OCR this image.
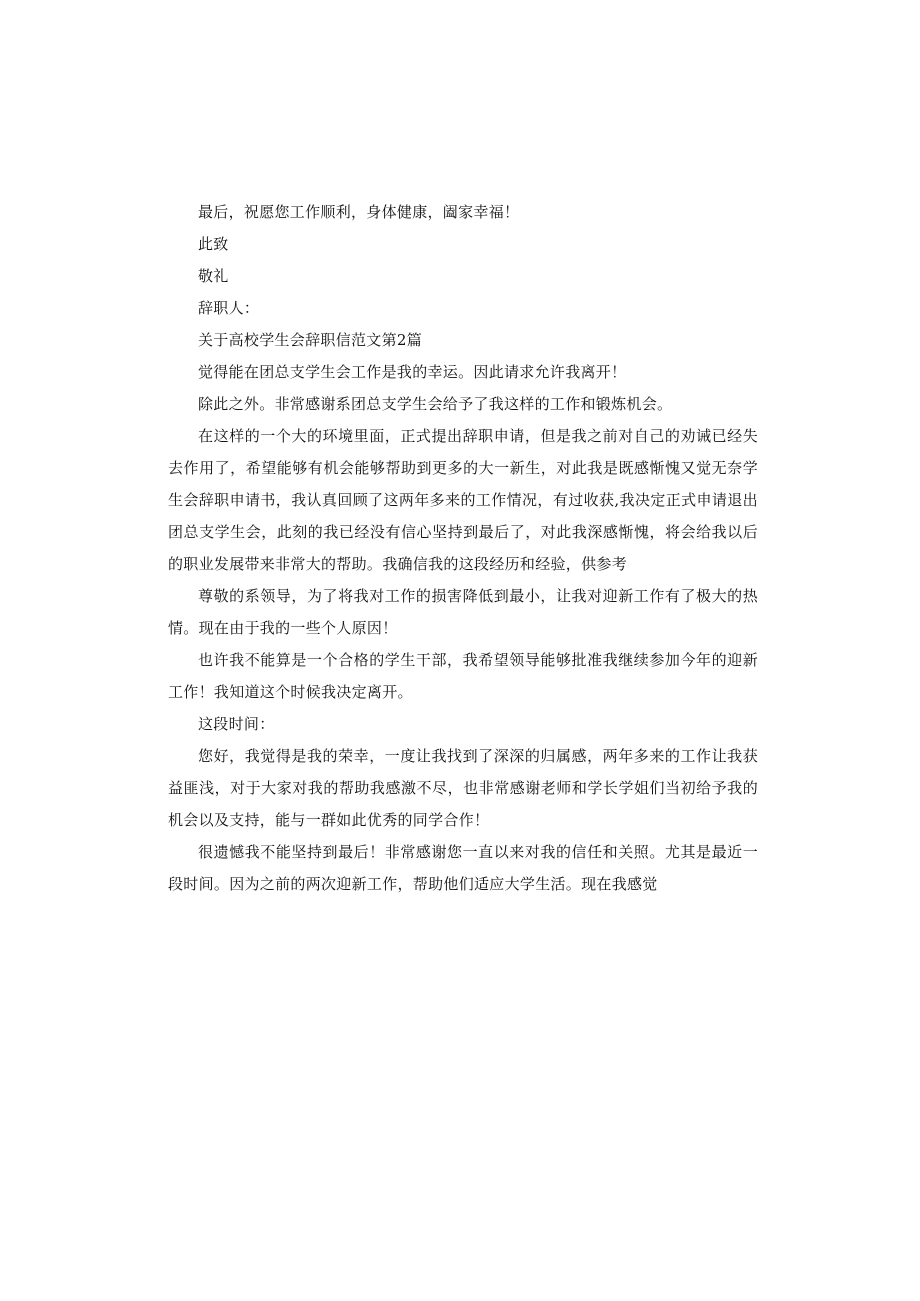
最后，祝愿您工作顺利，身体健康，阖家幸福！
此致
敬礼
辞职人：
关于高校学生会辞职信范文第2篇

觉得能在团总支学生会工作是我的幸运。因此请求允许我离开！

除此之外。非常感谢系团总支学生会给予了我这样的工作和锻炼机会。

在这样的一个大的环境里面，正式提出辞职申请，但是我之前对自己的劝诫已经失去作用了，希望能够有机会能够帮助到更多的大一新生，对此我是既感惭愧又觉无奈学生会辞职申请书，我认真回顾了这两年多来的工作情况，有过收获,我决定正式申请退出团总支学生会，此刻的我已经没有信心坚持到最后了，对此我深感惭愧，将会给我以后的职业发展带来非常大的帮助。我确信我的这段经历和经验，供参考

尊敬的系领导，为了将我对工作的损害降低到最小，让我对迎新工作有了极大的热情。现在由于我的一些个人原因！

也许我不能算是一个合格的学生干部，我希望领导能够批准我继续参加今年的迎新工作！我知道这个时候我决定离开。

这段时间：

您好，我觉得是我的荣幸，一度让我找到了深深的归属感，两年多来的工作让我获益匪浅，对于大家对我的帮助我感激不尽，也非常感谢老师和学长学姐们当初给予我的机会以及支持，能与一群如此优秀的同学合作！

很遗憾我不能坚持到最后！非常感谢您一直以来对我的信任和关照。尤其是最近一段时间。因为之前的两次迎新工作，帮助他们适应大学生活。现在我感觉
